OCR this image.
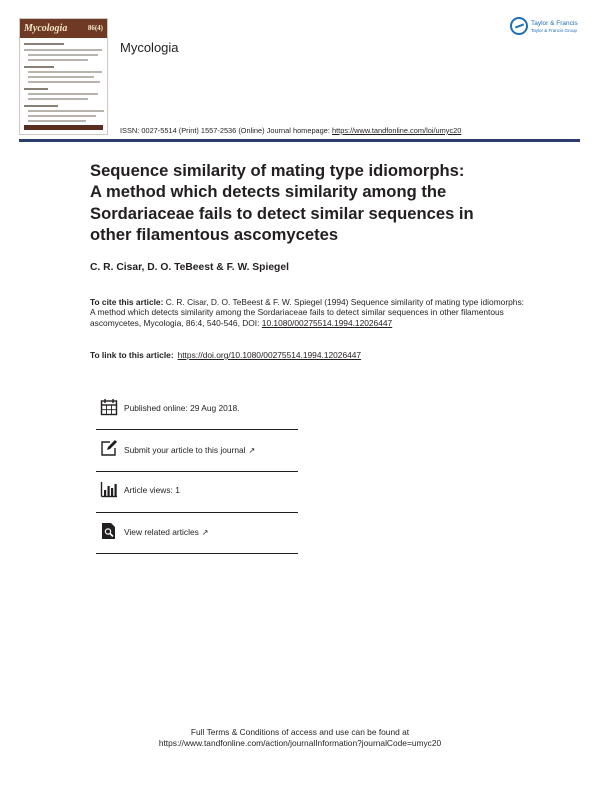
Mycologia	86(4)
Mycologia
Taylor & Francis
Taylor & Francis Group
ISSN: 0027-5514 (Print) 1557-2536 (Online) Journal homepage: https://www.tandfonline.com/loi/umyc20
Sequence similarity of mating type idiomorphs:
A method which detects similarity among the
Sordariaceae fails to detect similar sequences in
other filamentous ascomycetes
C. R. Cisar, D. O. TeBeest & F. W. Spiegel
To cite this article: C. R. Cisar, D. O. TeBeest & F. W. Spiegel (1994) Sequence similarity of mating type idiomorphs: A method which detects similarity among the Sordariaceae fails to detect similar sequences in other filamentous ascomycetes, Mycologia, 86:4, 540-546, DOI: 10.1080/00275514.1994.12026447
To link to this article: https://doi.org/10.1080/00275514.1994.12026447
Published online: 29 Aug 2018.
Submit your article to this journal ↗
Article views: 1
View related articles ↗
Full Terms & Conditions of access and use can be found at
https://www.tandfonline.com/action/journalInformation?journalCode=umyc20
